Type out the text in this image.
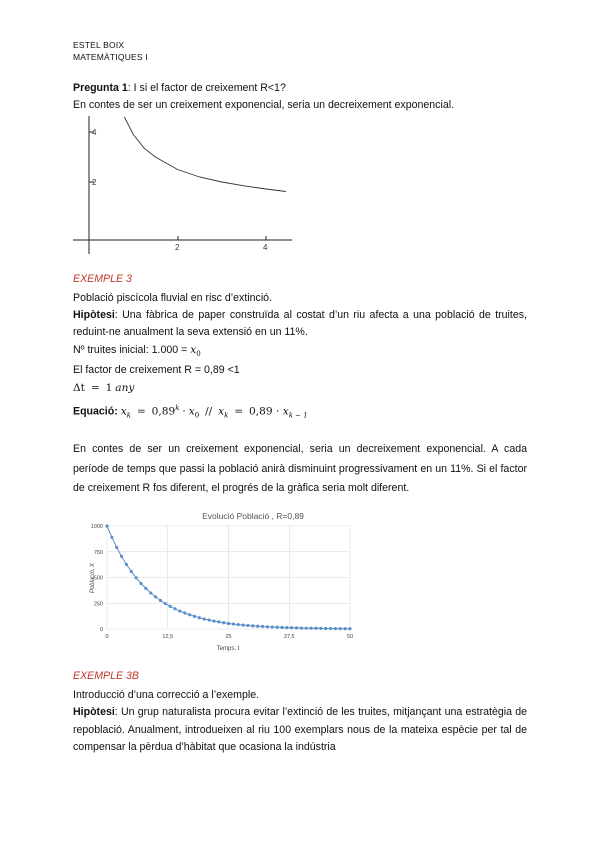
ESTEL BOIX
MATEMÀTIQUES I
Pregunta 1: I si el factor de creixement R<1?
En contes de ser un creixement exponencial, seria un decreixement exponencial.
2
4
2	4
EXEMPLE 3
Població piscícola fluvial en risc d’extinció.
Hipòtesi: Una fàbrica de paper construïda al costat d’un riu afecta a una població de truites, reduint-ne anualment la seva extensió en un 11%.
Nº truites inicial: $1.000 = x_0$
El factor de creixement R = 0,89 <1
Δt = 1 any
Equació: $x_k = 0,89^k \cdot x_0 // x_k = 0,89 \cdot x_{k - 1}$
En contes de ser un creixement exponencial, seria un decreixement exponencial. A cada període de temps que passi la població anirà disminuint progressivament en un 11%. Si el factor de creixement R fos diferent, el progrés de la gràfica seria molt diferent.
Evolució Població , R=0,89
Població, X
Temps, t
0
250
500
750
1000
0	12,5	25	37,5	50
EXEMPLE 3B
Introducció d’una correcció a l’exemple.
Hipòtesi: Un grup naturalista procura evitar l’extinció de les truites, mitjançant una estratègia de repoblació. Anualment, introdueixen al riu 100 exemplars nous de la mateixa espècie per tal de compensar la pèrdua d’hàbitat que ocasiona la indústria
